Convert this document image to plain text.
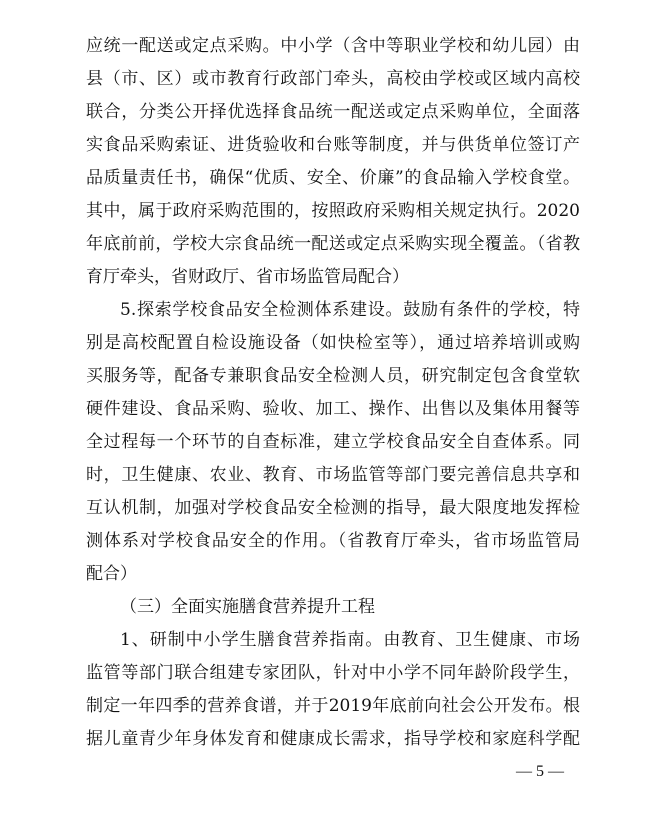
应统一配送或定点采购。中小学（含中等职业学校和幼儿园）由
县（市、区）或市教育行政部门牵头，高校由学校或区域内高校
联合，分类公开择优选择食品统一配送或定点采购单位，全面落
实食品采购索证、进货验收和台账等制度，并与供货单位签订产
品质量责任书，确保“优质、安全、价廉”的食品输入学校食堂。
其中，属于政府采购范围的，按照政府采购相关规定执行。2020
年底前前，学校大宗食品统一配送或定点采购实现全覆盖。（省教
育厅牵头，省财政厅、省市场监管局配合）
5.探索学校食品安全检测体系建设。鼓励有条件的学校，特
别是高校配置自检设施设备（如快检室等），通过培养培训或购
买服务等，配备专兼职食品安全检测人员，研究制定包含食堂软
硬件建设、食品采购、验收、加工、操作、出售以及集体用餐等
全过程每一个环节的自查标准，建立学校食品安全自查体系。同
时，卫生健康、农业、教育、市场监管等部门要完善信息共享和
互认机制，加强对学校食品安全检测的指导，最大限度地发挥检
测体系对学校食品安全的作用。（省教育厅牵头，省市场监管局
配合）
（三）全面实施膳食营养提升工程
1、研制中小学生膳食营养指南。由教育、卫生健康、市场
监管等部门联合组建专家团队，针对中小学不同年龄阶段学生，
制定一年四季的营养食谱，并于2019年底前向社会公开发布。根
据儿童青少年身体发育和健康成长需求，指导学校和家庭科学配
— 5 —
